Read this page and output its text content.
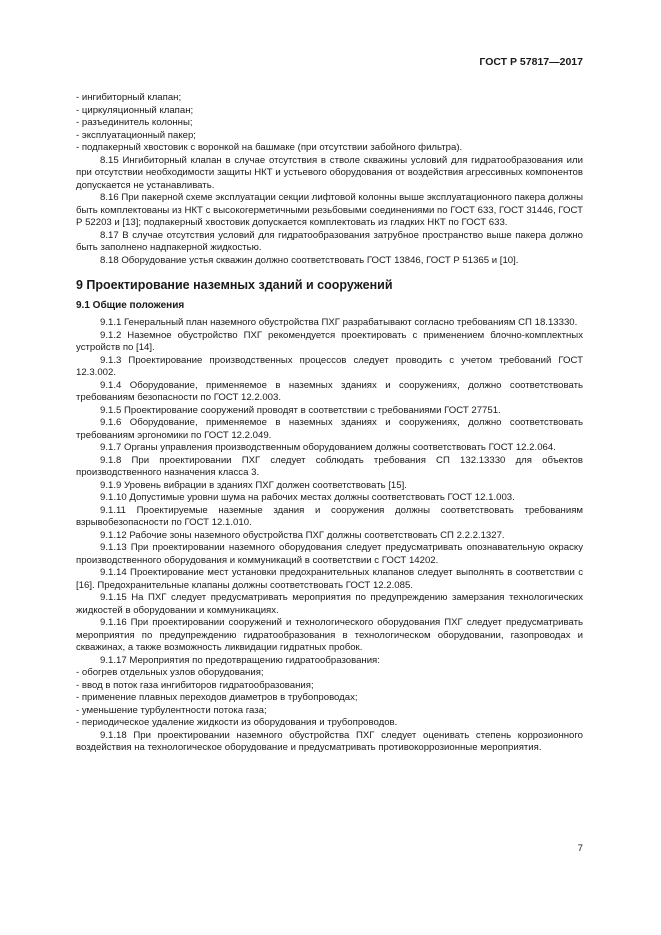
ГОСТ Р 57817—2017

- ингибиторный клапан;

- циркуляционный клапан;

- разъединитель колонны;

- эксплуатационный пакер;

- подпакерный хвостовик с воронкой на башмаке (при отсутствии забойного фильтра).

8.15 Ингибиторный клапан в случае отсутствия в стволе скважины условий для гидратообразования или при отсутствии необходимости защиты НКТ и устьевого оборудования от воздействия агрессивных компонентов допускается не устанавливать.

8.16 При пакерной схеме эксплуатации секции лифтовой колонны выше эксплуатационного пакера должны быть комплектованы из НКТ с высокогерметичными резьбовыми соединениями по ГОСТ 633, ГОСТ 31446, ГОСТ Р 52203 и [13]; подпакерный хвостовик допускается комплектовать из гладких НКТ по ГОСТ 633.

8.17 В случае отсутствия условий для гидратообразования затрубное пространство выше пакера должно быть заполнено надпакерной жидкостью.

8.18 Оборудование устья скважин должно соответствовать ГОСТ 13846, ГОСТ Р 51365 и [10].

9 Проектирование наземных зданий и сооружений
9.1 Общие положения

9.1.1 Генеральный план наземного обустройства ПХГ разрабатывают согласно требованиям СП 18.13330.

9.1.2 Наземное обустройство ПХГ рекомендуется проектировать с применением блочно-комплектных устройств по [14].

9.1.3 Проектирование производственных процессов следует проводить с учетом требований ГОСТ 12.3.002.

9.1.4 Оборудование, применяемое в наземных зданиях и сооружениях, должно соответствовать требованиям безопасности по ГОСТ 12.2.003.

9.1.5 Проектирование сооружений проводят в соответствии с требованиями ГОСТ 27751.

9.1.6 Оборудование, применяемое в наземных зданиях и сооружениях, должно соответствовать требованиям эргономики по ГОСТ 12.2.049.

9.1.7 Органы управления производственным оборудованием должны соответствовать ГОСТ 12.2.064.

9.1.8 При проектировании ПХГ следует соблюдать требования СП 132.13330 для объектов производственного назначения класса 3.

9.1.9 Уровень вибрации в зданиях ПХГ должен соответствовать [15].

9.1.10 Допустимые уровни шума на рабочих местах должны соответствовать ГОСТ 12.1.003.

9.1.11 Проектируемые наземные здания и сооружения должны соответствовать требованиям взрывобезопасности по ГОСТ 12.1.010.

9.1.12 Рабочие зоны наземного обустройства ПХГ должны соответствовать СП 2.2.2.1327.

9.1.13 При проектировании наземного оборудования следует предусматривать опознавательную окраску производственного оборудования и коммуникаций в соответствии с ГОСТ 14202.

9.1.14 Проектирование мест установки предохранительных клапанов следует выполнять в соответствии с [16]. Предохранительные клапаны должны соответствовать ГОСТ 12.2.085.

9.1.15 На ПХГ следует предусматривать мероприятия по предупреждению замерзания технологических жидкостей в оборудовании и коммуникациях.

9.1.16 При проектировании сооружений и технологического оборудования ПХГ следует предусматривать мероприятия по предупреждению гидратообразования в технологическом оборудовании, газопроводах и скважинах, а также возможность ликвидации гидратных пробок.

9.1.17 Мероприятия по предотвращению гидратообразования:

- обогрев отдельных узлов оборудования;

- ввод в поток газа ингибиторов гидратообразования;

- применение плавных переходов диаметров в трубопроводах;

- уменьшение турбулентности потока газа;

- периодическое удаление жидкости из оборудования и трубопроводов.

9.1.18 При проектировании наземного обустройства ПХГ следует оценивать степень коррозионного воздействия на технологическое оборудование и предусматривать противокоррозионные мероприятия.

7
